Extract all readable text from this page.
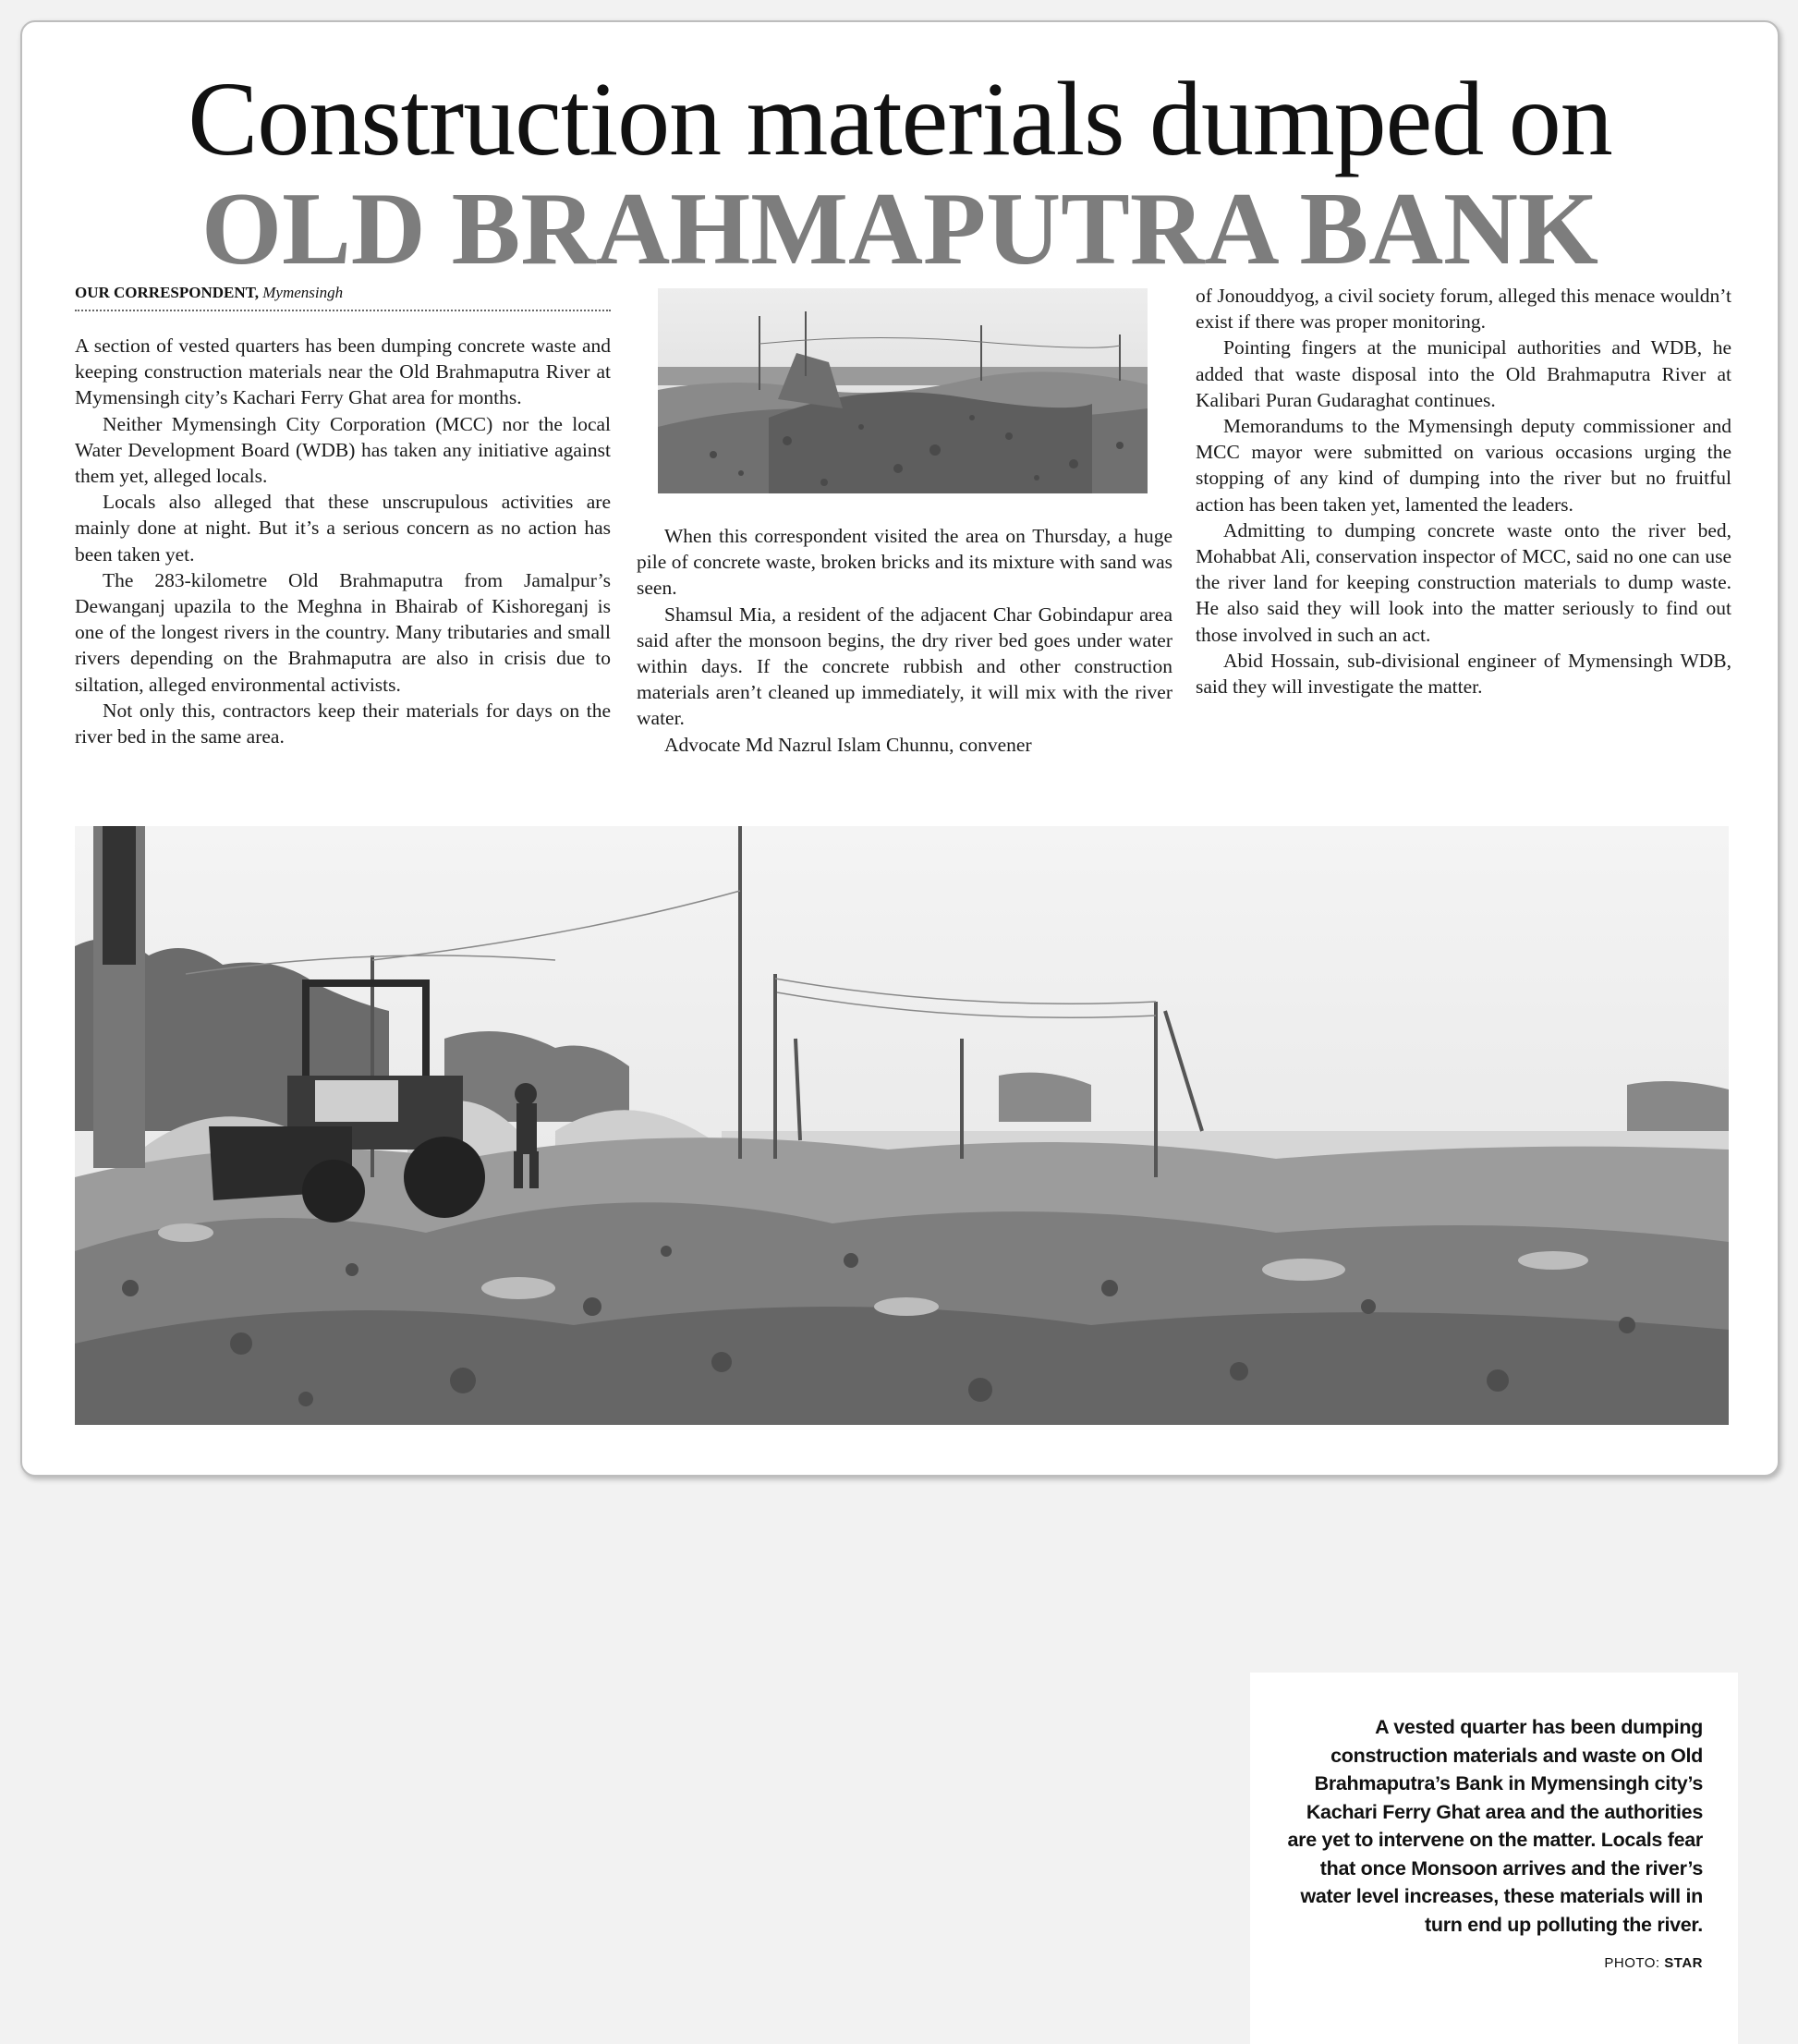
Construction materials dumped on
OLD BRAHMAPUTRA BANK
OUR CORRESPONDENT, Mymensingh

A section of vested quarters has been dumping concrete waste and keeping construction materials near the Old Brahmaputra River at Mymensingh city’s Kachari Ferry Ghat area for months.

Neither Mymensingh City Corporation (MCC) nor the local Water Development Board (WDB) has taken any initiative against them yet, alleged locals.

Locals also alleged that these unscrupulous activities are mainly done at night. But it’s a serious concern as no action has been taken yet.

The 283-kilometre Old Brahmaputra from Jamalpur’s Dewanganj upazila to the Meghna in Bhairab of Kishoreganj is one of the longest rivers in the country. Many tributaries and small rivers depending on the Brahmaputra are also in crisis due to siltation, alleged environmental activists.

Not only this, contractors keep their materials for days on the river bed in the same area.

When this correspondent visited the area on Thursday, a huge pile of concrete waste, broken bricks and its mixture with sand was seen.

Shamsul Mia, a resident of the adjacent Char Gobindapur area said after the monsoon begins, the dry river bed goes under water within days. If the concrete rubbish and other construction materials aren’t cleaned up immediately, it will mix with the river water.

Advocate Md Nazrul Islam Chunnu, convener

of Jonouddyog, a civil society forum, alleged this menace wouldn’t exist if there was proper monitoring.

Pointing fingers at the municipal authorities and WDB, he added that waste disposal into the Old Brahmaputra River at Kalibari Puran Gudaraghat continues.

Memorandums to the Mymensingh deputy commissioner and MCC mayor were submitted on various occasions urging the stopping of any kind of dumping into the river but no fruitful action has been taken yet, lamented the leaders.

Admitting to dumping concrete waste onto the river bed, Mohabbat Ali, conservation inspector of MCC, said no one can use the river land for keeping construction materials to dump waste. He also said they will look into the matter seriously to find out those involved in such an act.

Abid Hossain, sub-divisional engineer of Mymensingh WDB, said they will investigate the matter.

A vested quarter has been dumping construction materials and waste on Old Brahmaputra’s Bank in Mymensingh city’s Kachari Ferry Ghat area and the authorities are yet to intervene on the matter. Locals fear that once Monsoon arrives and the river’s water level increases, these materials will in turn end up polluting the river.
PHOTO: STAR
